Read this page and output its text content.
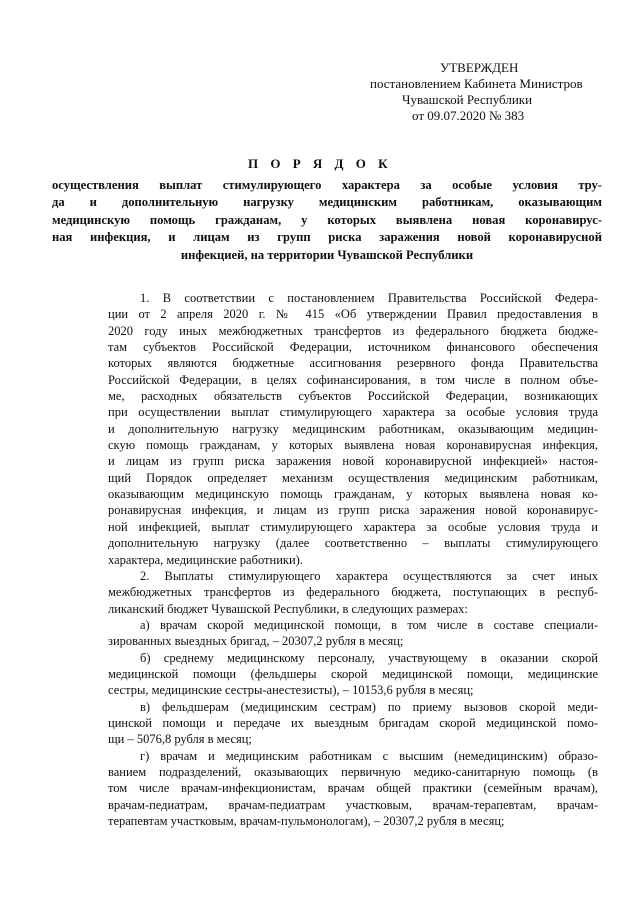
УТВЕРЖДЕН
постановлением Кабинета Министров
Чувашской Республики
от 09.07.2020 № 383
П О Р Я Д О К
осуществления выплат стимулирующего характера за особые условия тру-
да и дополнительную нагрузку медицинским работникам, оказывающим
медицинскую помощь гражданам, у которых выявлена новая коронавирус-
ная инфекция, и лицам из групп риска заражения новой коронавирусной
инфекцией, на территории Чувашской Республики
1. В соответствии с постановлением Правительства Российской Федера-
ции от 2 апреля 2020 г. № 415 «Об утверждении Правил предоставления в
2020 году иных межбюджетных трансфертов из федерального бюджета бюдже-
там субъектов Российской Федерации, источником финансового обеспечения
которых являются бюджетные ассигнования резервного фонда Правительства
Российской Федерации, в целях софинансирования, в том числе в полном объе-
ме, расходных обязательств субъектов Российской Федерации, возникающих
при осуществлении выплат стимулирующего характера за особые условия труда
и дополнительную нагрузку медицинским работникам, оказывающим медицин-
скую помощь гражданам, у которых выявлена новая коронавирусная инфекция,
и лицам из групп риска заражения новой коронавирусной инфекцией» настоя-
щий Порядок определяет механизм осуществления медицинским работникам,
оказывающим медицинскую помощь гражданам, у которых выявлена новая ко-
ронавирусная инфекция, и лицам из групп риска заражения новой коронавирус-
ной инфекцией, выплат стимулирующего характера за особые условия труда и
дополнительную нагрузку (далее соответственно – выплаты стимулирующего
характера, медицинские работники).
2. Выплаты стимулирующего характера осуществляются за счет иных
межбюджетных трансфертов из федерального бюджета, поступающих в респуб-
ликанский бюджет Чувашской Республики, в следующих размерах:
а) врачам скорой медицинской помощи, в том числе в составе специали-
зированных выездных бригад, – 20307,2 рубля в месяц;
б) среднему медицинскому персоналу, участвующему в оказании скорой
медицинской помощи (фельдшеры скорой медицинской помощи, медицинские
сестры, медицинские сестры-анестезисты), – 10153,6 рубля в месяц;
в) фельдшерам (медицинским сестрам) по приему вызовов скорой меди-
цинской помощи и передаче их выездным бригадам скорой медицинской помо-
щи – 5076,8 рубля в месяц;
г) врачам и медицинским работникам с высшим (немедицинским) образо-
ванием подразделений, оказывающих первичную медико-санитарную помощь (в
том числе врачам-инфекционистам, врачам общей практики (семейным врачам),
врачам-педиатрам, врачам-педиатрам участковым, врачам-терапевтам, врачам-
терапевтам участковым, врачам-пульмонологам), – 20307,2 рубля в месяц;
